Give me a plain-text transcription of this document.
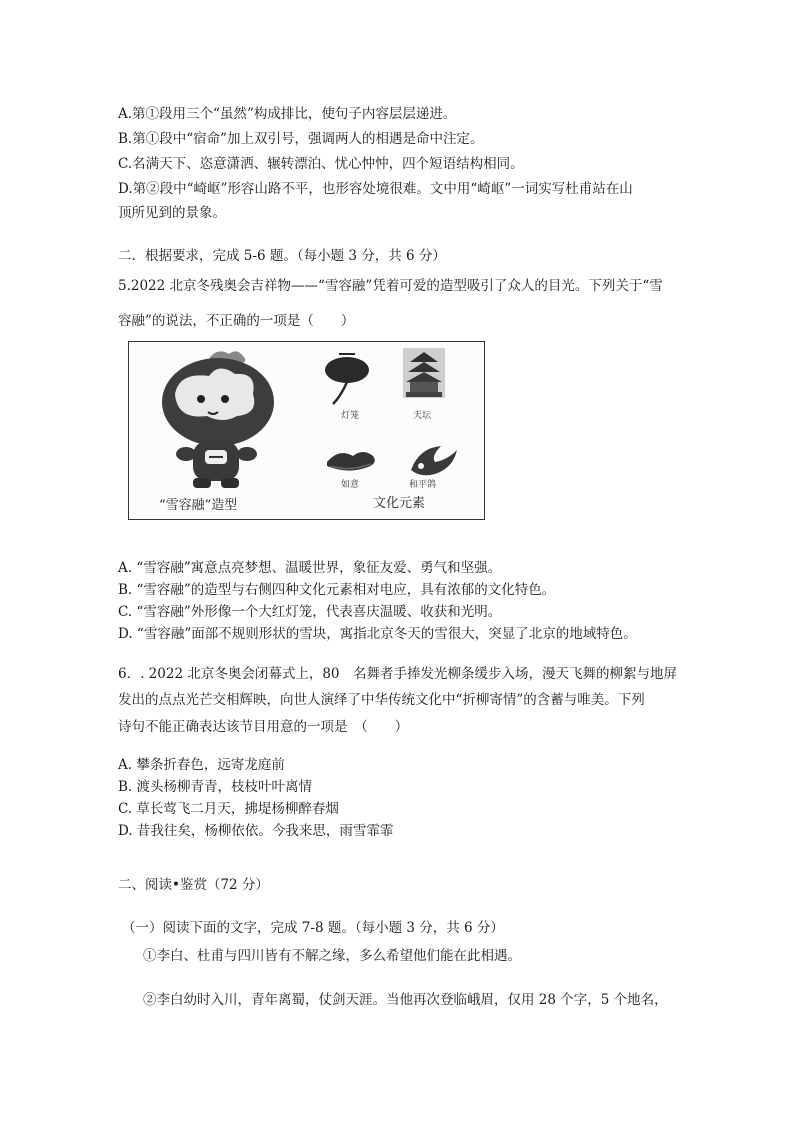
A.第①段用三个“虽然”构成排比，使句子内容层层递进。
B.第①段中“宿命”加上双引号，强调两人的相遇是命中注定。
C.名满天下、恣意潇洒、辗转漂泊、忧心忡忡，四个短语结构相同。
D.第②段中“崎岖”形容山路不平，也形容处境很难。文中用“崎岖”一词实写杜甫站在山
顶所见到的景象。
二．根据要求，完成 5-6 题。（每小题 3 分，共 6 分）
5.2022 北京冬残奥会吉祥物——“雪容融”凭着可爱的造型吸引了众人的目光。下列关于“雪
容融”的说法，不正确的一项是（　　）
灯笼	天坛
如意	和平鸽
“雪容融”造型	文化元素
A. “雪容融”寓意点亮梦想、温暖世界，象征友爱、勇气和坚强。
B. “雪容融”的造型与右侧四种文化元素相对电应，具有浓郁的文化特色。
C. “雪容融”外形像一个大红灯笼，代表喜庆温暖、收获和光明。
D. “雪容融”面部不规则形状的雪块，寓指北京冬天的雪很大，突显了北京的地域特色。
6．. 2022 北京冬奥会闭幕式上，80　名舞者手捧发光柳条缓步入场，漫天飞舞的柳絮与地屏
发出的点点光芒交相辉映，向世人演绎了中华传统文化中“折柳寄情”的含蓄与唯美。下列
诗句不能正确表达该节目用意的一项是　（　　）
A. 攀条折春色，远寄龙庭前
B. 渡头杨柳青青，枝枝叶叶离情
C. 草长莺飞二月天，拂堤杨柳醉春烟
D. 昔我往矣，杨柳依依。今我来思，雨雪霏霏
二、阅读•鉴赏（72 分）
（一）阅读下面的文字，完成 7-8 题。（每小题 3 分，共 6 分）
①李白、杜甫与四川皆有不解之缘，多么希望他们能在此相遇。
②李白幼时入川，青年离蜀，仗剑天涯。当他再次登临峨眉，仅用 28 个字，5 个地名，
